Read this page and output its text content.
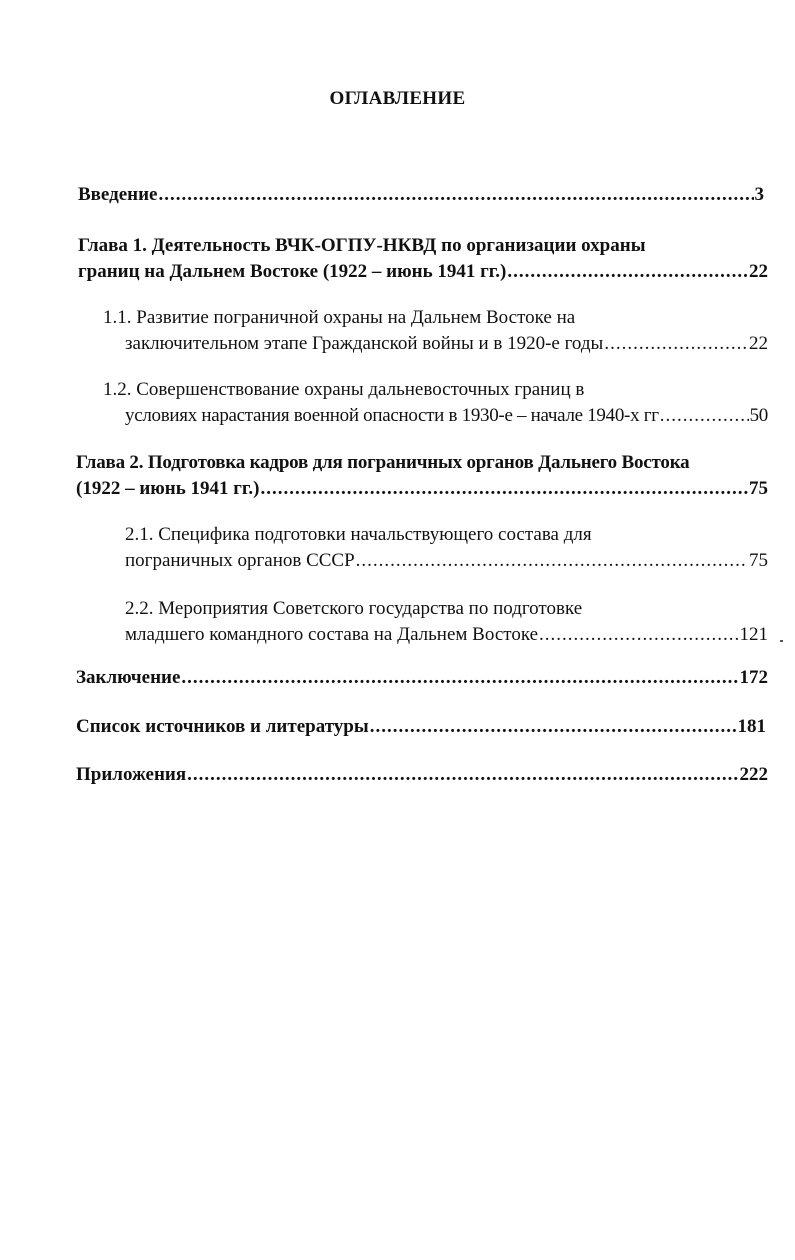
ОГЛАВЛЕНИЕ
Введение .....	3
Глава 1. Деятельность ВЧК-ОГПУ-НКВД по организации охраны
границ на Дальнем Востоке (1922 – июнь 1941 гг.) .....	22
1.1. Развитие пограничной охраны на Дальнем Востоке на
заключительном этапе Гражданской войны и в 1920-е годы .....	22
1.2. Совершенствование охраны дальневосточных границ в
условиях нарастания военной опасности в 1930-е – начале 1940-х гг .....	50
Глава 2. Подготовка кадров для пограничных органов Дальнего Востока
(1922 – июнь 1941 гг.) .....	75
2.1. Специфика подготовки начальствующего состава для
пограничных органов СССР .....	75
2.2. Мероприятия Советского государства по подготовке
младшего командного состава на Дальнем Востоке .....	121
Заключение .....	172
Список источников и литературы .....	181
Приложения .....	222
